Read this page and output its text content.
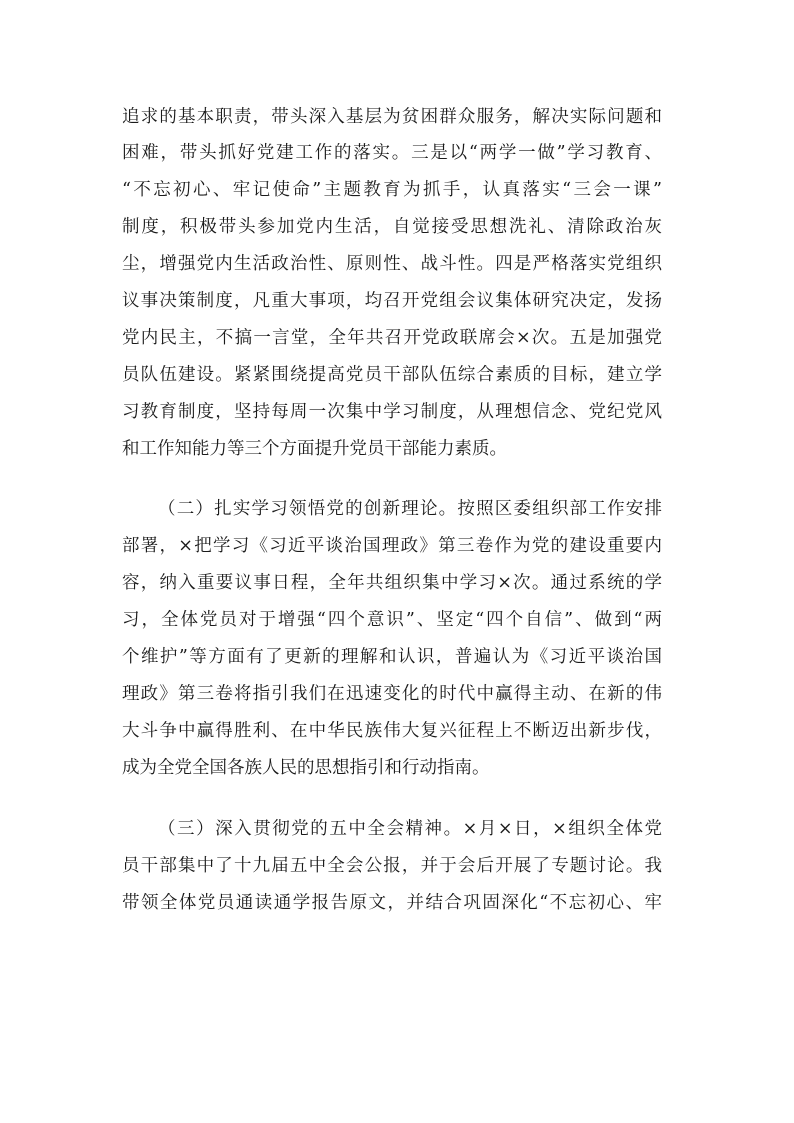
追求的基本职责，带头深入基层为贫困群众服务，解决实际问题和
困难，带头抓好党建工作的落实。三是以“两学一做”学习教育、
“不忘初心、牢记使命”主题教育为抓手，认真落实“三会一课”
制度，积极带头参加党内生活，自觉接受思想洗礼、清除政治灰
尘，增强党内生活政治性、原则性、战斗性。四是严格落实党组织
议事决策制度，凡重大事项，均召开党组会议集体研究决定，发扬
党内民主，不搞一言堂，全年共召开党政联席会×次。五是加强党
员队伍建设。紧紧围绕提高党员干部队伍综合素质的目标，建立学
习教育制度，坚持每周一次集中学习制度，从理想信念、党纪党风
和工作知能力等三个方面提升党员干部能力素质。
（二）扎实学习领悟党的创新理论。按照区委组织部工作安排
部署，×把学习《习近平谈治国理政》第三卷作为党的建设重要内
容，纳入重要议事日程，全年共组织集中学习×次。通过系统的学
习，全体党员对于增强“四个意识”、坚定“四个自信”、做到“两
个维护”等方面有了更新的理解和认识，普遍认为《习近平谈治国
理政》第三卷将指引我们在迅速变化的时代中赢得主动、在新的伟
大斗争中赢得胜利、在中华民族伟大复兴征程上不断迈出新步伐，
成为全党全国各族人民的思想指引和行动指南。
（三）深入贯彻党的五中全会精神。×月×日，×组织全体党
员干部集中了十九届五中全会公报，并于会后开展了专题讨论。我
带领全体党员通读通学报告原文，并结合巩固深化“不忘初心、牢
